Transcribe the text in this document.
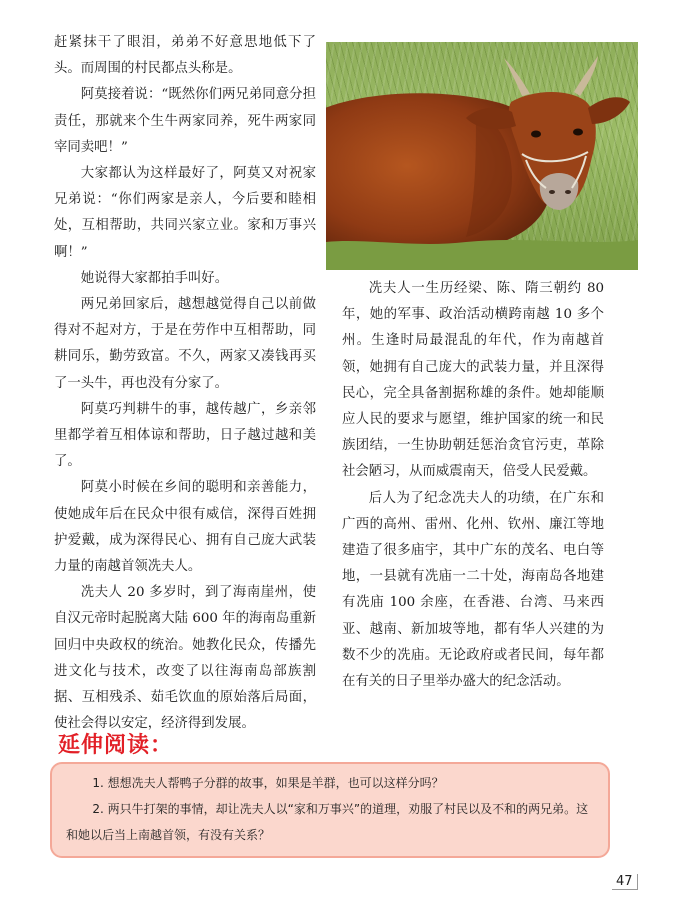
赶紧抹干了眼泪，弟弟不好意思地低下了头。而周围的村民都点头称是。

阿莫接着说：“既然你们两兄弟同意分担责任，那就来个生牛两家同养，死牛两家同宰同卖吧！”

大家都认为这样最好了，阿莫又对祝家兄弟说：“你们两家是亲人，今后要和睦相处，互相帮助，共同兴家立业。家和万事兴啊！”

她说得大家都拍手叫好。

两兄弟回家后，越想越觉得自己以前做得对不起对方，于是在劳作中互相帮助，同耕同乐，勤劳致富。不久，两家又凑钱再买了一头牛，再也没有分家了。

阿莫巧判耕牛的事，越传越广，乡亲邻里都学着互相体谅和帮助，日子越过越和美了。

阿莫小时候在乡间的聪明和亲善能力，使她成年后在民众中很有威信，深得百姓拥护爱戴，成为深得民心、拥有自己庞大武装力量的南越首领冼夫人。

冼夫人 20 多岁时，到了海南崖州，使自汉元帝时起脱离大陆 600 年的海南岛重新回归中央政权的统治。她教化民众，传播先进文化与技术，改变了以往海南岛部族割据、互相残杀、茹毛饮血的原始落后局面，使社会得以安定，经济得到发展。

冼夫人一生历经梁、陈、隋三朝约 80 年，她的军事、政治活动横跨南越 10 多个州。生逢时局最混乱的年代，作为南越首领，她拥有自己庞大的武装力量，并且深得民心，完全具备割据称雄的条件。她却能顺应人民的要求与愿望，维护国家的统一和民族团结，一生协助朝廷惩治贪官污吏，革除社会陋习，从而威震南天，倍受人民爱戴。

后人为了纪念冼夫人的功绩，在广东和广西的高州、雷州、化州、钦州、廉江等地建造了很多庙宇，其中广东的茂名、电白等地，一县就有冼庙一二十处，海南岛各地建有冼庙 100 余座，在香港、台湾、马来西亚、越南、新加坡等地，都有华人兴建的为数不少的冼庙。无论政府或者民间，每年都在有关的日子里举办盛大的纪念活动。

延伸阅读：

1. 想想冼夫人帮鸭子分群的故事，如果是羊群，也可以这样分吗？

2. 两只牛打架的事情，却让冼夫人以“家和万事兴”的道理，劝服了村民以及不和的两兄弟。这和她以后当上南越首领，有没有关系？

47
